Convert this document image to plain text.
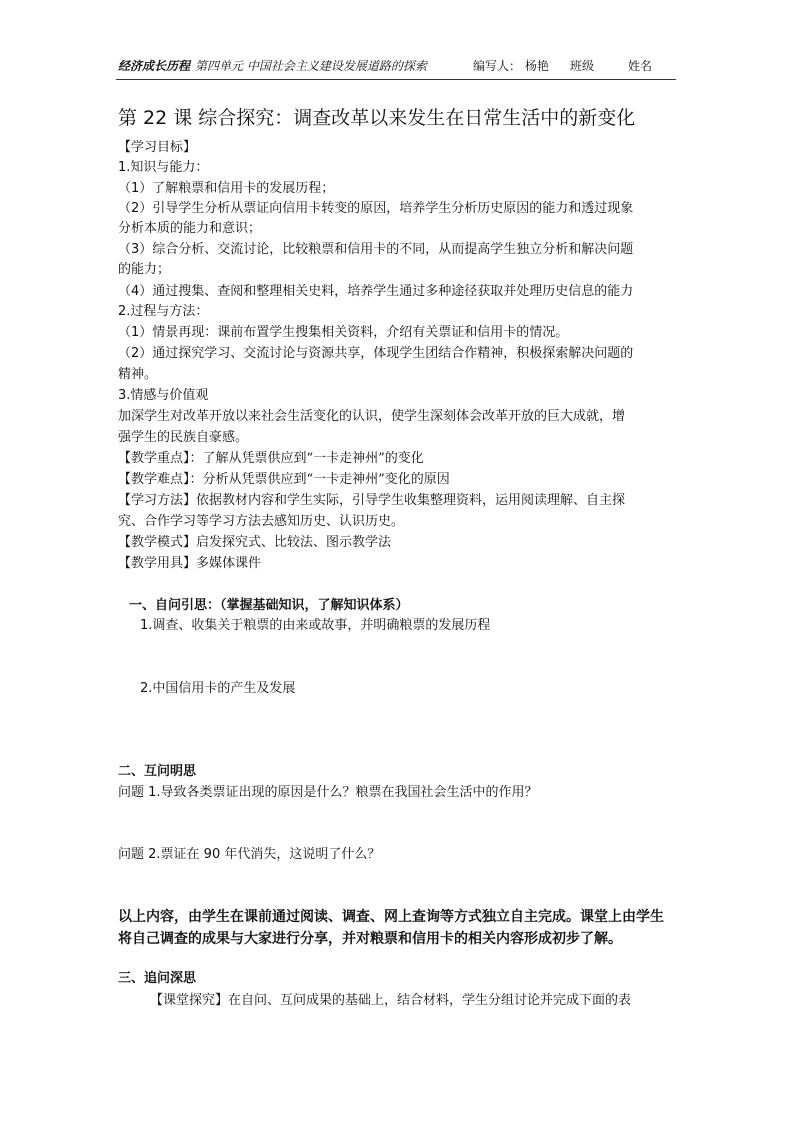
经济成长历程 第四单元 中国社会主义建设发展道路的探索	编写人： 杨艳 班级	姓名
第 22 课 综合探究：调查改革以来发生在日常生活中的新变化
【学习目标】
1.知识与能力：
（1）了解粮票和信用卡的发展历程；
（2）引导学生分析从票证向信用卡转变的原因，培养学生分析历史原因的能力和透过现象
分析本质的能力和意识；
（3）综合分析、交流讨论，比较粮票和信用卡的不同，从而提高学生独立分析和解决问题
的能力；
（4）通过搜集、查阅和整理相关史料，培养学生通过多种途径获取并处理历史信息的能力
2.过程与方法：
（1）情景再现：课前布置学生搜集相关资料，介绍有关票证和信用卡的情况。
（2）通过探究学习、交流讨论与资源共享，体现学生团结合作精神，积极探索解决问题的
精神。
3.情感与价值观
加深学生对改革开放以来社会生活变化的认识，使学生深刻体会改革开放的巨大成就，增
强学生的民族自豪感。
【教学重点】：了解从凭票供应到“一卡走神州”的变化
【教学难点】：分析从凭票供应到“一卡走神州”变化的原因
【学习方法】依据教材内容和学生实际，引导学生收集整理资料，运用阅读理解、自主探
究、合作学习等学习方法去感知历史、认识历史。
【教学模式】启发探究式、比较法、图示教学法
【教学用具】多媒体课件
一、自问引思：（掌握基础知识，了解知识体系）
1.调查、收集关于粮票的由来或故事，并明确粮票的发展历程
2.中国信用卡的产生及发展
二、互问明思
问题 1.导致各类票证出现的原因是什么？粮票在我国社会生活中的作用？
问题 2.票证在 90 年代消失，这说明了什么？
以上内容，由学生在课前通过阅读、调查、网上查询等方式独立自主完成。课堂上由学生
将自己调查的成果与大家进行分享，并对粮票和信用卡的相关内容形成初步了解。
三、追问深思
【课堂探究】在自问、互问成果的基础上，结合材料，学生分组讨论并完成下面的表
